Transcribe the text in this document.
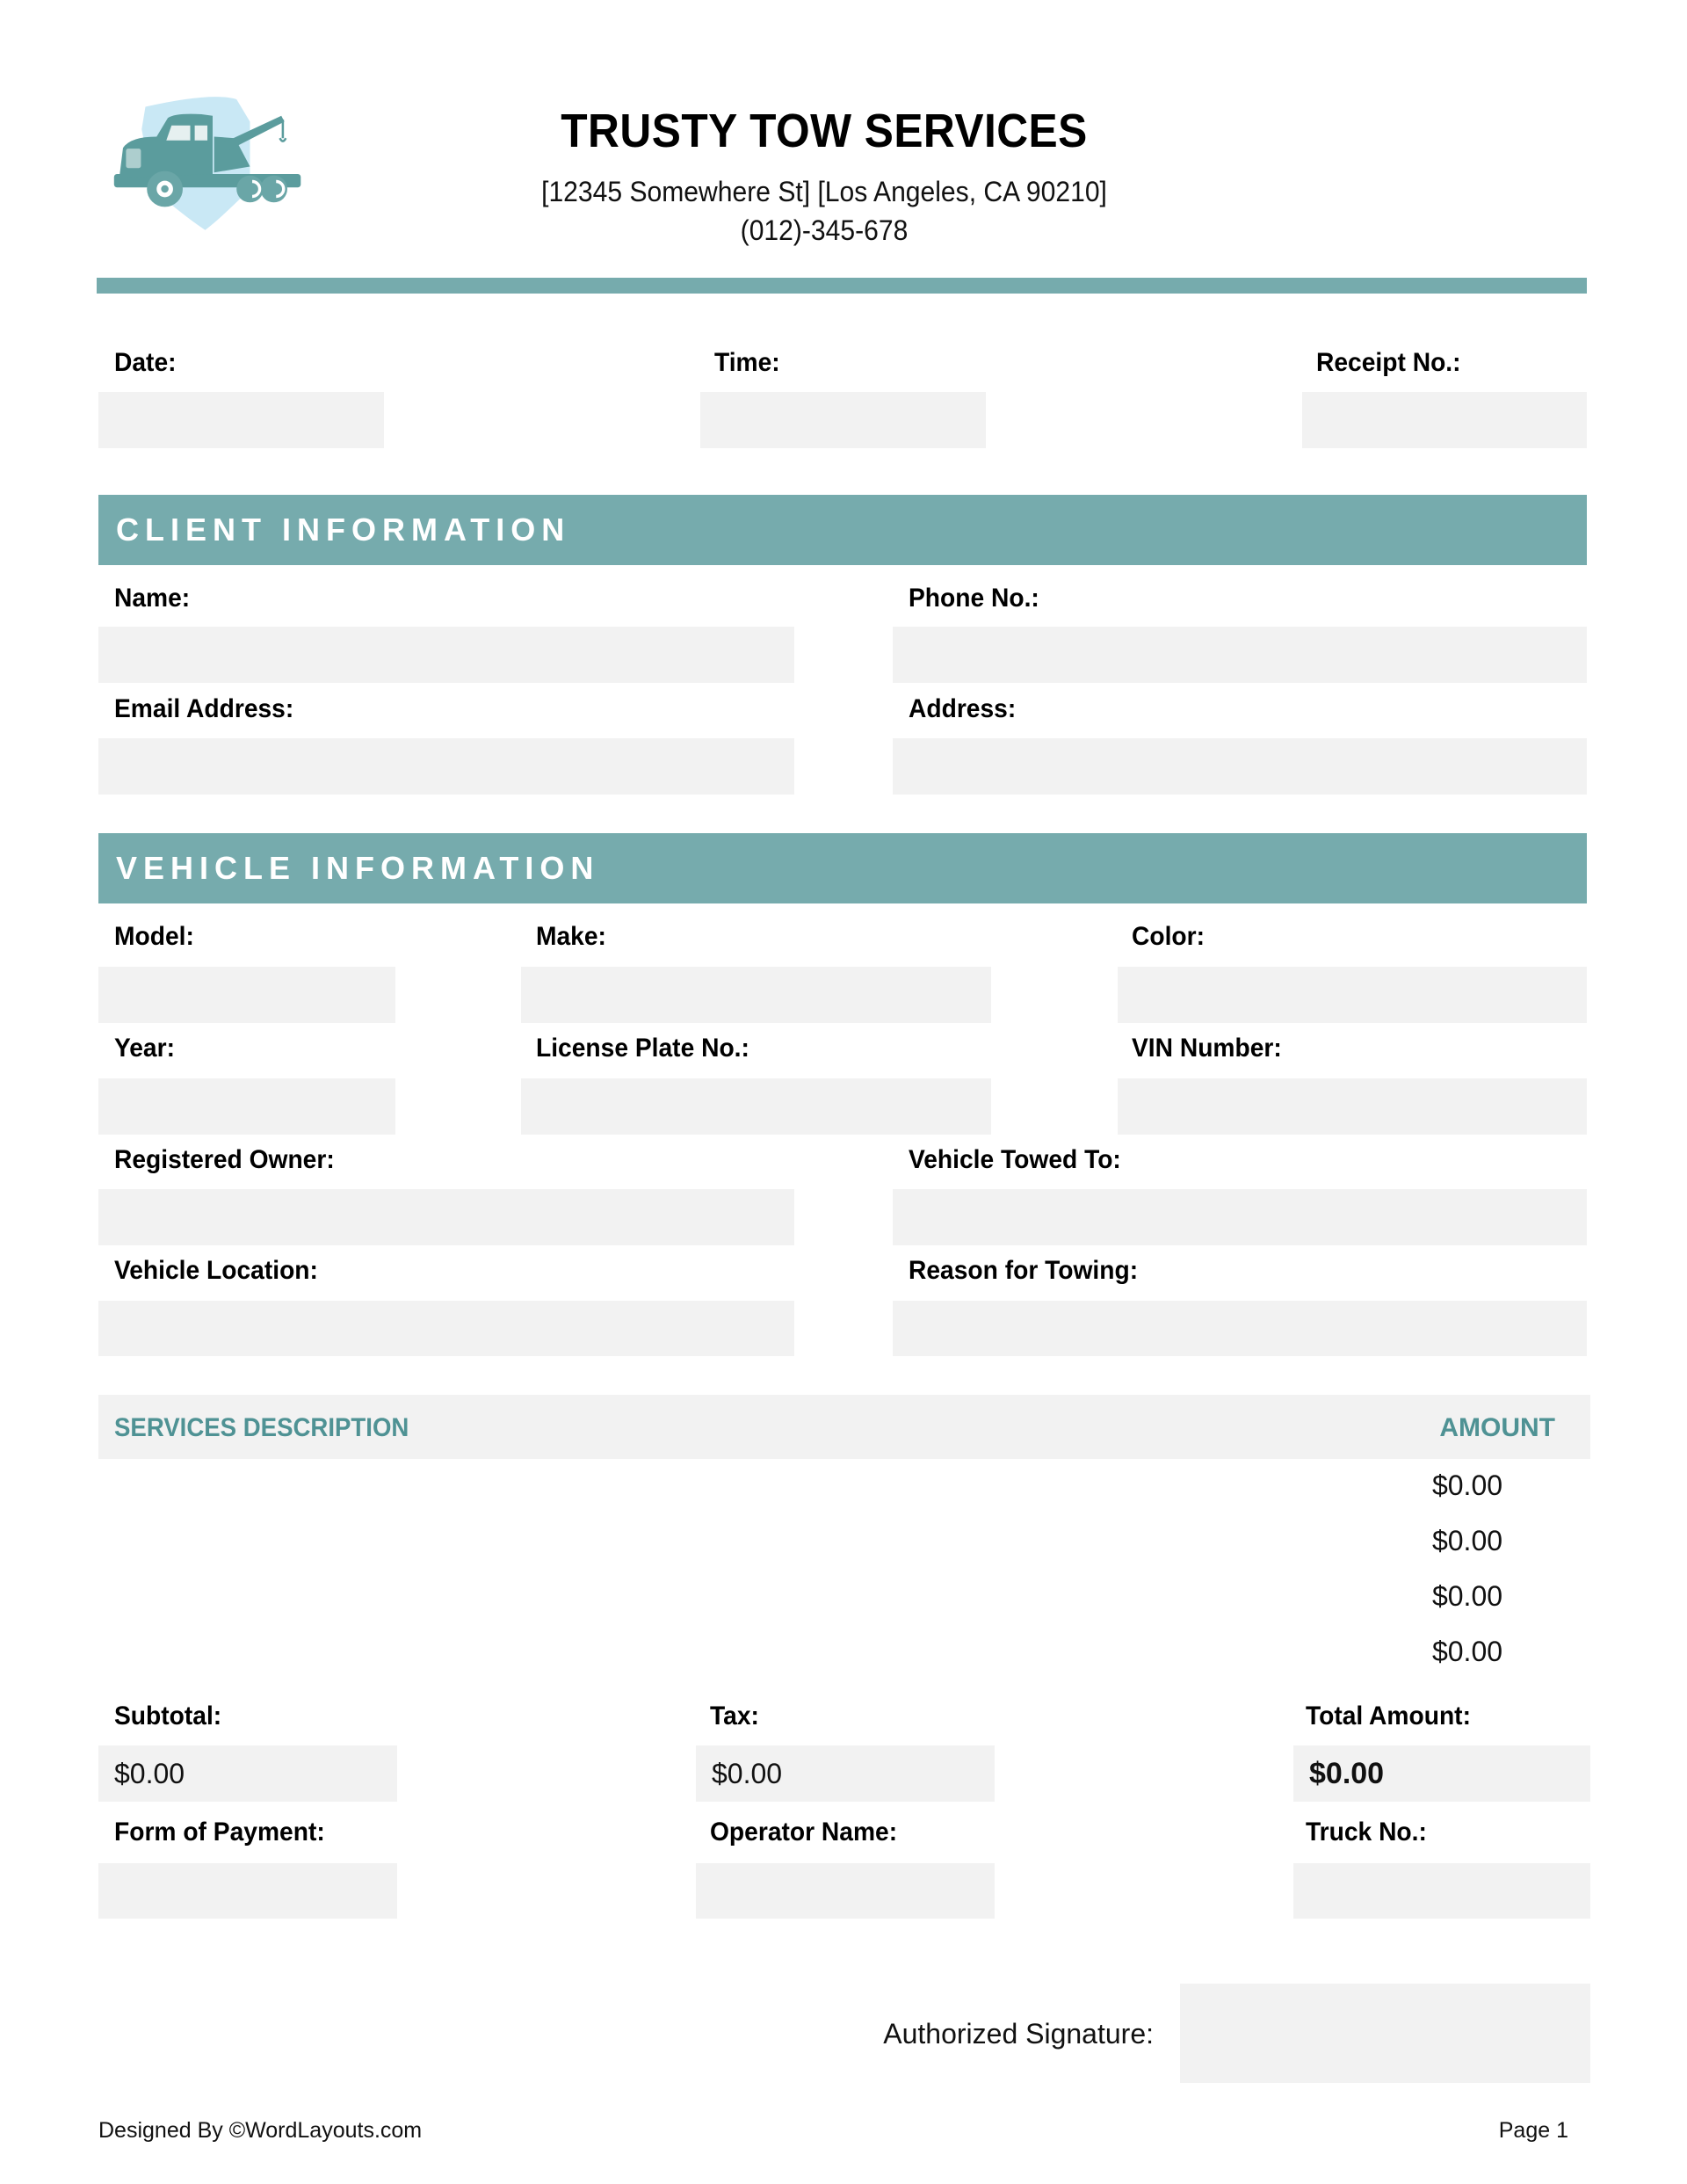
TRUSTY TOW SERVICES
[12345 Somewhere St] [Los Angeles, CA 90210]
(012)-345-678
Date:	Time:	Receipt No.:
CLIENT INFORMATION
Name:	Phone No.:
Email Address:	Address:
VEHICLE INFORMATION
Model:	Make:	Color:
Year:	License Plate No.:	VIN Number:
Registered Owner:	Vehicle Towed To:
Vehicle Location:	Reason for Towing:
SERVICES DESCRIPTION	AMOUNT
$0.00
$0.00
$0.00
$0.00
Subtotal:	Tax:	Total Amount:
$0.00	$0.00	$0.00
Form of Payment:	Operator Name:	Truck No.:
Authorized Signature:
Designed By ©WordLayouts.com	Page 1
